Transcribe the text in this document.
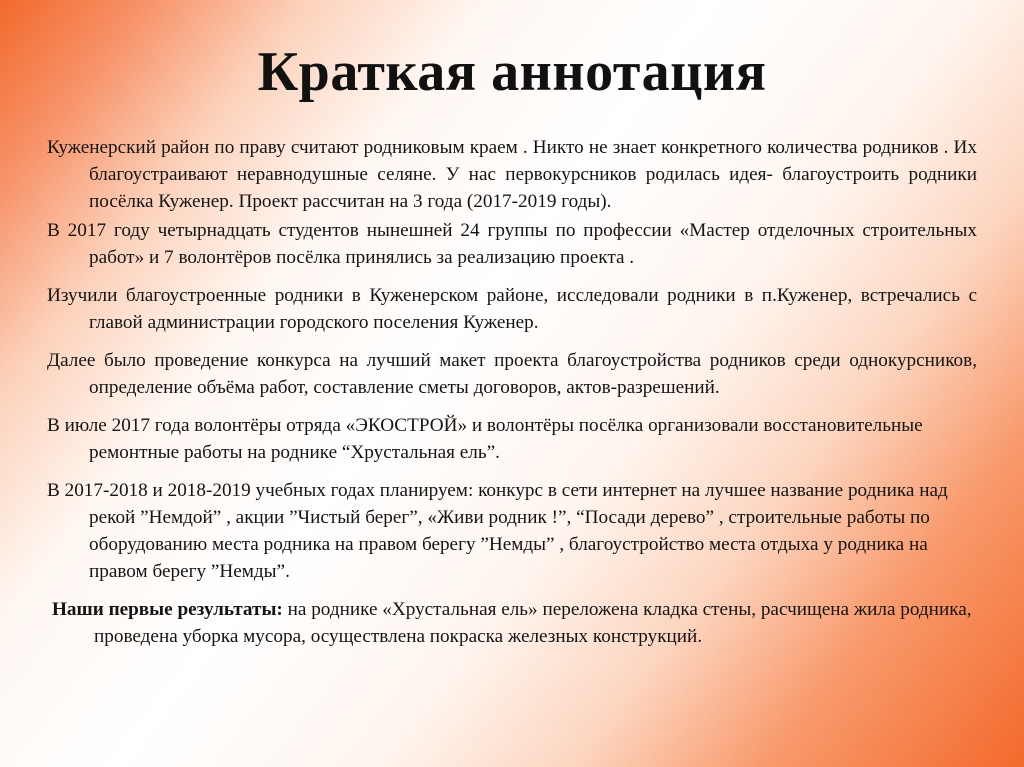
Краткая аннотация

Куженерский район по праву считают родниковым краем . Никто не знает конкретного количества родников . Их благоустраивают неравнодушные селяне. У нас первокурсников родилась идея- благоустроить родники посёлка Куженер. Проект рассчитан на 3 года (2017-2019 годы).

В 2017 году четырнадцать студентов нынешней 24 группы по профессии «Мастер отделочных строительных работ» и 7 волонтёров посёлка принялись за реализацию проекта .

Изучили благоустроенные родники в Куженерском районе, исследовали родники в п.Куженер, встречались с главой администрации городского поселения Куженер.

Далее было проведение конкурса на лучший макет проекта благоустройства родников среди однокурсников, определение объёма работ, составление сметы договоров, актов-разрешений.

В июле 2017 года волонтёры отряда «ЭКОСТРОЙ» и волонтёры посёлка организовали восстановительные ремонтные работы на роднике “Хрустальная ель”.

В 2017-2018 и 2018-2019 учебных годах планируем: конкурс в сети интернет на лучшее название родника над рекой ”Немдой” , акции ”Чистый берег”, «Живи родник !”, “Посади дерево” , строительные работы по оборудованию места родника на правом берегу ”Немды” , благоустройство места отдыха у родника на правом берегу ”Немды”.

Наши первые результаты: на роднике «Хрустальная ель» переложена кладка стены, расчищена жила родника, проведена уборка мусора, осуществлена покраска железных конструкций.
